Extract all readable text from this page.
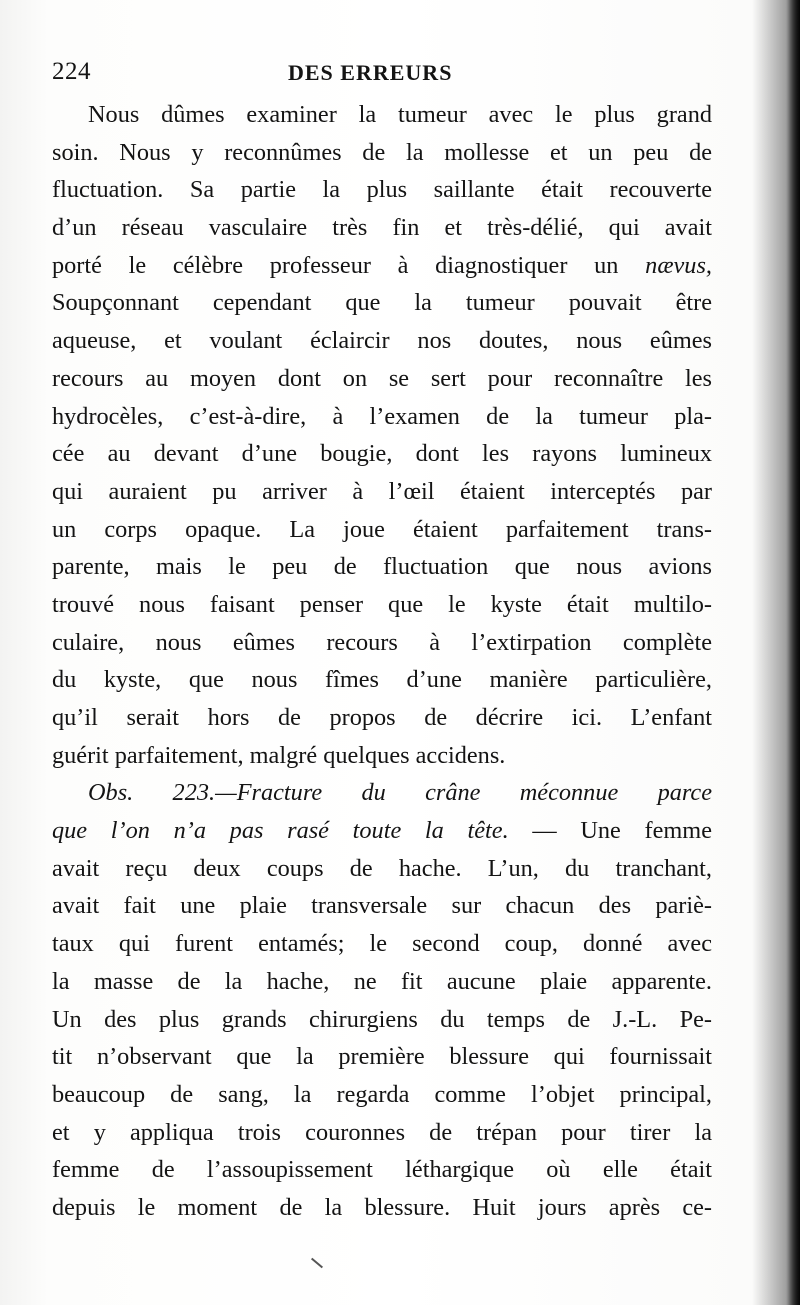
224	DES ERREURS
Nous dûmes examiner la tumeur avec le plus grand
soin. Nous y reconnûmes de la mollesse et un peu de
fluctuation. Sa partie la plus saillante était recouverte
d’un réseau vasculaire très fin et très-délié, qui avait
porté le célèbre professeur à diagnostiquer un nævus,
Soupçonnant cependant que la tumeur pouvait être
aqueuse, et voulant éclaircir nos doutes, nous eûmes
recours au moyen dont on se sert pour reconnaître les
hydrocèles, c’est-à-dire, à l’examen de la tumeur pla-
cée au devant d’une bougie, dont les rayons lumineux
qui auraient pu arriver à l’œil étaient interceptés par
un corps opaque. La joue étaient parfaitement trans-
parente, mais le peu de fluctuation que nous avions
trouvé nous faisant penser que le kyste était multilo-
culaire, nous eûmes recours à l’extirpation complète
du kyste, que nous fîmes d’une manière particulière,
qu’il serait hors de propos de décrire ici. L’enfant
guérit parfaitement, malgré quelques accidens.
Obs. 223.—Fracture du crâne méconnue parce
que l’on n’a pas rasé toute la tête. — Une femme
avait reçu deux coups de hache. L’un, du tranchant,
avait fait une plaie transversale sur chacun des pariè-
taux qui furent entamés; le second coup, donné avec
la masse de la hache, ne fit aucune plaie apparente.
Un des plus grands chirurgiens du temps de J.-L. Pe-
tit n’observant que la première blessure qui fournissait
beaucoup de sang, la regarda comme l’objet principal,
et y appliqua trois couronnes de trépan pour tirer la
femme de l’assoupissement léthargique où elle était
depuis le moment de la blessure. Huit jours après ce-
